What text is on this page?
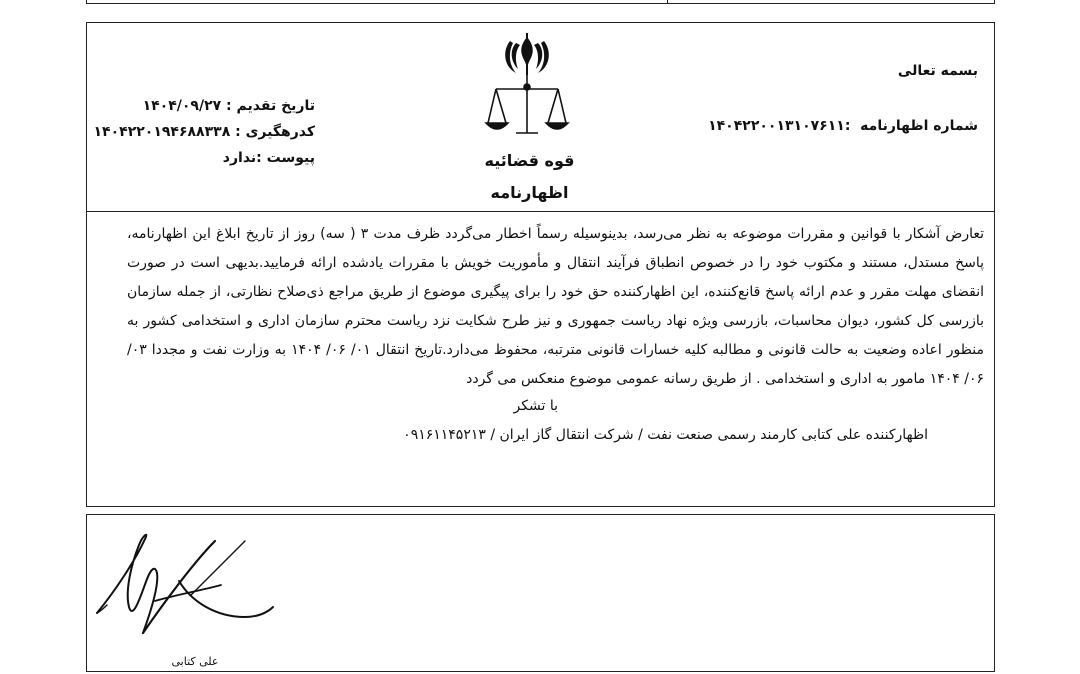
بسمه تعالی
شماره اظهارنامه  :۱۴۰۴۲۲۰۰۱۳۱۰۷۶۱۱
قوه قضائیه
اظهارنامه
تاریخ تقدیم : ۱۴۰۴/۰۹/۲۷
کدرهگیری : ۱۴۰۴۲۲۰۱۹۴۶۸۸۳۳۸
پیوست :ندارد
تعارض آشکار با قوانین و مقررات موضوعه به نظر می‌رسد، بدینوسیله رسماً اخطار می‌گردد ظرف مدت ۳ ( سه) روز از تاریخ ابلاغ این اظهارنامه، پاسخ مستدل، مستند و مکتوب خود را در خصوص انطباق فرآیند انتقال و مأموریت خویش با مقررات یادشده ارائه فرمایید.بدیهی است در صورت انقضای مهلت مقرر و عدم ارائه پاسخ قانع‌کننده، این اظهارکننده حق خود را برای پیگیری موضوع از طریق مراجع ذی‌صلاح نظارتی، از جمله سازمان بازرسی کل کشور، دیوان محاسبات، بازرسی ویژه نهاد ریاست جمهوری و نیز طرح شکایت نزد ریاست محترم سازمان اداری و استخدامی کشور به منظور اعاده وضعیت به حالت قانونی و مطالبه کلیه خسارات قانونی مترتبه، محفوظ می‌دارد.تاریخ انتقال ۰۱/ ۰۶/ ۱۴۰۴ به وزارت نفت و مجددا ۰۳/ ۰۶/ ۱۴۰۴ مامور به اداری و استخدامی . از طریق رسانه عمومی موضوع منعکس می گردد
با تشکر
اظهارکننده علی کتابی کارمند رسمی صنعت نفت / شرکت انتقال گاز ایران / ۰۹۱۶۱۱۴۵۲۱۳
علی کتابی
